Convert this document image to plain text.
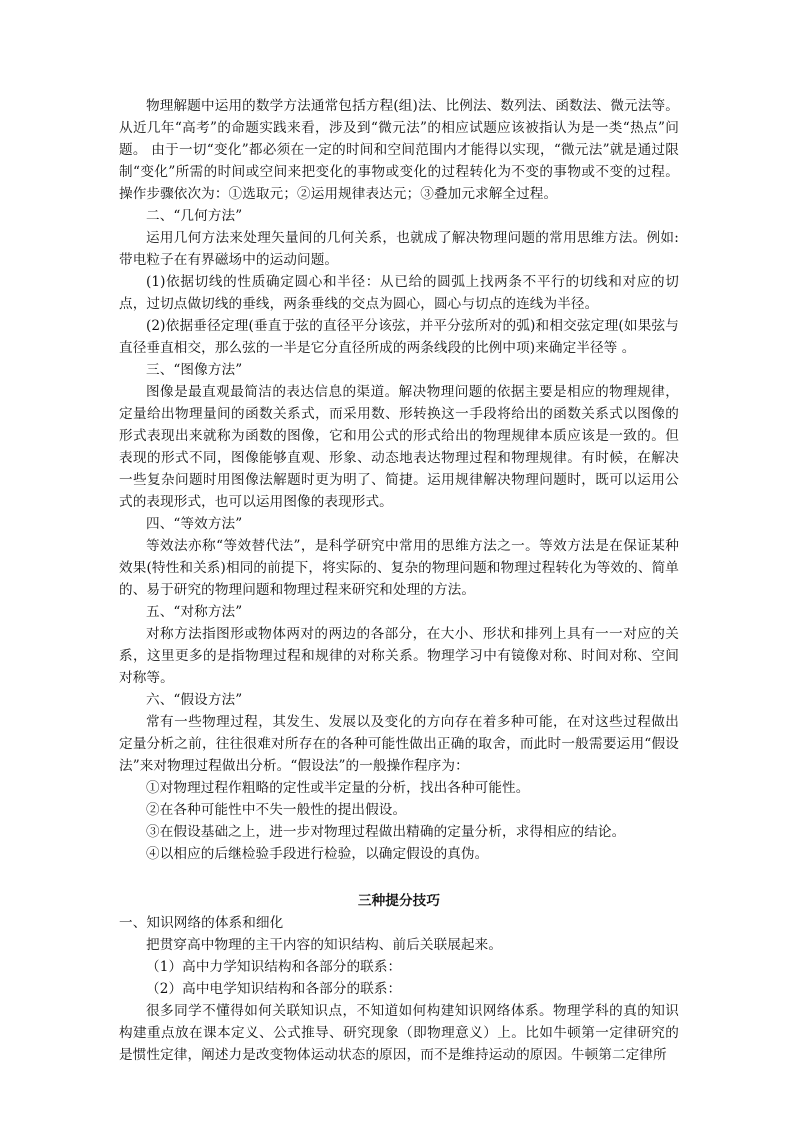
物理解题中运用的数学方法通常包括方程(组)法、比例法、数列法、函数法、微元法等。从近几年“高考”的命题实践来看，涉及到“微元法”的相应试题应该被指认为是一类“热点”问题。 由于一切“变化”都必须在一定的时间和空间范围内才能得以实现，“微元法”就是通过限制“变化”所需的时间或空间来把变化的事物或变化的过程转化为不变的事物或不变的过程。操作步骤依次为：①选取元；②运用规律表达元；③叠加元求解全过程。

二、“几何方法”

运用几何方法来处理矢量间的几何关系，也就成了解决物理问题的常用思维方法。例如:带电粒子在有界磁场中的运动问题。

(1)依据切线的性质确定圆心和半径：从已给的圆弧上找两条不平行的切线和对应的切点，过切点做切线的垂线，两条垂线的交点为圆心，圆心与切点的连线为半径。

(2)依据垂径定理(垂直于弦的直径平分该弦，并平分弦所对的弧)和相交弦定理(如果弦与直径垂直相交，那么弦的一半是它分直径所成的两条线段的比例中项)来确定半径等 。

三、“图像方法”

图像是最直观最简洁的表达信息的渠道。解决物理问题的依据主要是相应的物理规律，定量给出物理量间的函数关系式，而采用数、形转换这一手段将给出的函数关系式以图像的形式表现出来就称为函数的图像，它和用公式的形式给出的物理规律本质应该是一致的。但表现的形式不同，图像能够直观、形象、动态地表达物理过程和物理规律。有时候，在解决一些复杂问题时用图像法解题时更为明了、简捷。运用规律解决物理问题时，既可以运用公式的表现形式，也可以运用图像的表现形式。

四、“等效方法”

等效法亦称“等效替代法”，是科学研究中常用的思维方法之一。等效方法是在保证某种效果(特性和关系)相同的前提下，将实际的、复杂的物理问题和物理过程转化为等效的、简单的、易于研究的物理问题和物理过程来研究和处理的方法。

五、“对称方法”

对称方法指图形或物体两对的两边的各部分，在大小、形状和排列上具有一一对应的关系，这里更多的是指物理过程和规律的对称关系。物理学习中有镜像对称、时间对称、空间对称等。

六、“假设方法”

常有一些物理过程，其发生、发展以及变化的方向存在着多种可能，在对这些过程做出定量分析之前，往往很难对所存在的各种可能性做出正确的取舍，而此时一般需要运用“假设法”来对物理过程做出分析。“假设法”的一般操作程序为：

①对物理过程作粗略的定性或半定量的分析，找出各种可能性。

②在各种可能性中不失一般性的提出假设。

③在假设基础之上，进一步对物理过程做出精确的定量分析，求得相应的结论。

④以相应的后继检验手段进行检验，以确定假设的真伪。

三种提分技巧

一、知识网络的体系和细化

把贯穿高中物理的主干内容的知识结构、前后关联展起来。

（1）高中力学知识结构和各部分的联系：

（2）高中电学知识结构和各部分的联系：

很多同学不懂得如何关联知识点，不知道如何构建知识网络体系。物理学科的真的知识构建重点放在课本定义、公式推导、研究现象（即物理意义）上。比如牛顿第一定律研究的是惯性定律，阐述力是改变物体运动状态的原因，而不是维持运动的原因。牛顿第二定律所
